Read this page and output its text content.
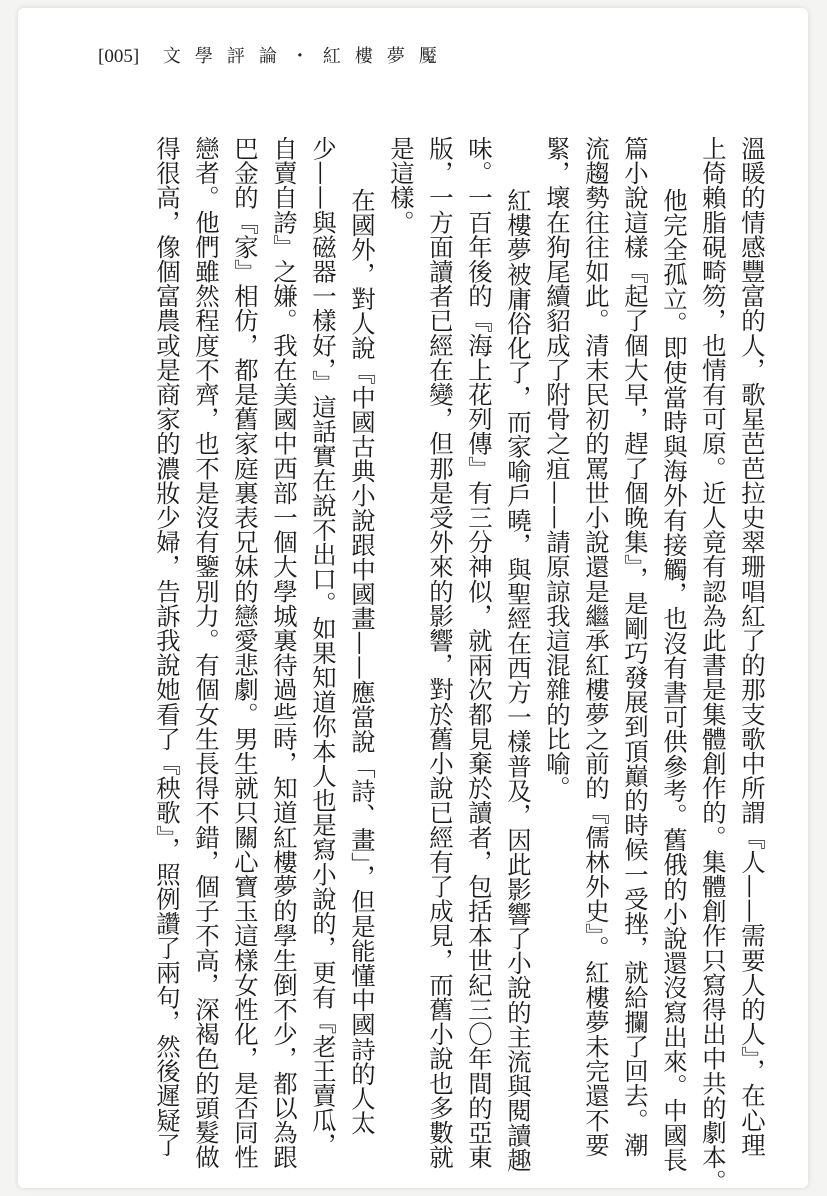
[005] 文學評論・紅樓夢魘
溫暖的情感豐富的人，歌星芭芭拉史翠珊唱紅了的那支歌中所謂『人——需要人的人』，在心理
上倚賴脂硯畸笏，也情有可原。近人竟有認為此書是集體創作的。集體創作只寫得出中共的劇本。
他完全孤立。即使當時與海外有接觸，也沒有書可供參考。舊俄的小說還沒寫出來。中國長
篇小說這樣『起了個大早，趕了個晚集』，是剛巧發展到頂巔的時候一受挫，就給攔了回去。潮
流趨勢往往如此。清末民初的罵世小說還是繼承紅樓夢之前的『儒林外史』。紅樓夢未完還不要
緊，壞在狗尾續貂成了附骨之疽——請原諒我這混雜的比喻。
紅樓夢被庸俗化了，而家喻戶曉，與聖經在西方一樣普及，因此影響了小說的主流與閱讀趣
味。一百年後的『海上花列傳』有三分神似，就兩次都見棄於讀者，包括本世紀三〇年間的亞東
版，一方面讀者已經在變，但那是受外來的影響，對於舊小說已經有了成見，而舊小說也多數就
是這樣。
在國外，對人說『中國古典小說跟中國畫——應當說「詩、畫」，但是能懂中國詩的人太
少——與磁器一樣好，』這話實在說不出口。如果知道你本人也是寫小說的，更有『老王賣瓜，
自賣自誇』之嫌。我在美國中西部一個大學城裏待過些時，知道紅樓夢的學生倒不少，都以為跟
巴金的『家』相仿，都是舊家庭裏表兄妹的戀愛悲劇。男生就只關心寶玉這樣女性化，是否同性
戀者。他們雖然程度不齊，也不是沒有鑒別力。有個女生長得不錯，個子不高，深褐色的頭髮做
得很高，像個富農或是商家的濃妝少婦，告訴我說她看了『秧歌』，照例讚了兩句，然後遲疑了
